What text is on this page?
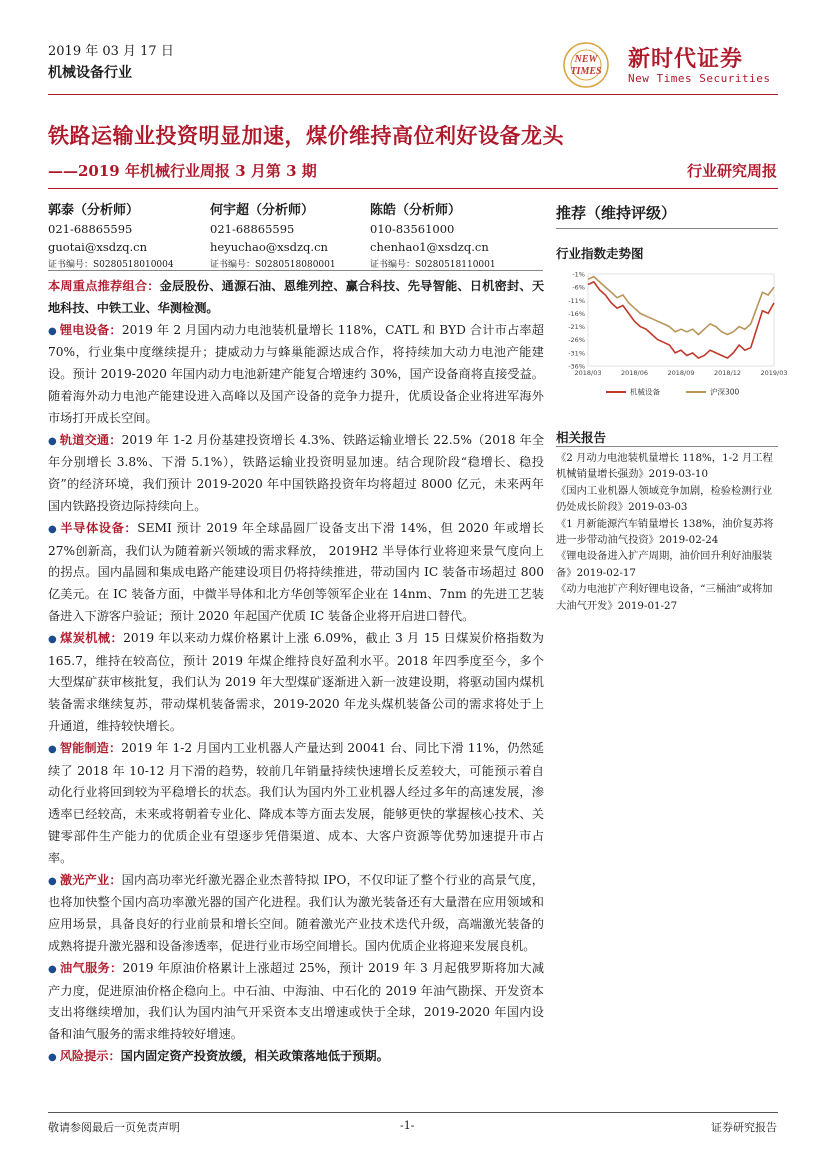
2019 年 03 月 17 日
机械设备行业
NEW
TIMES 新时代证券
New Times Securities
铁路运输业投资明显加速，煤价维持高位利好设备龙头
——2019 年机械行业周报 3 月第 3 期	行业研究周报
郭泰（分析师）
021-68865595
guotai@xsdzq.cn
证书编号：S0280518010004
何宇超（分析师）
021-68865595
heyuchao@xsdzq.cn
证书编号：S0280518080001
陈皓（分析师）
010-83561000
chenhao1@xsdzq.cn
证书编号：S0280518110001

本周重点推荐组合：金辰股份、通源石油、恩维列控、赢合科技、先导智能、日机密封、天地科技、中铁工业、华测检测。

● 锂电设备：2019 年 2 月国内动力电池装机量增长 118%，CATL 和 BYD 合计市占率超 70%，行业集中度继续提升；捷威动力与蜂巢能源达成合作，将持续加大动力电池产能建设。预计 2019-2020 年国内动力电池新建产能复合增速约 30%，国产设备商将直接受益。随着海外动力电池产能建设进入高峰以及国产设备的竞争力提升，优质设备企业将进军海外市场打开成长空间。

● 轨道交通：2019 年 1-2 月份基建投资增长 4.3%、铁路运输业增长 22.5%（2018 年全年分别增长 3.8%、下滑 5.1%），铁路运输业投资明显加速。结合现阶段“稳增长、稳投资”的经济环境，我们预计 2019-2020 年中国铁路投资年均将超过 8000 亿元，未来两年国内铁路投资边际持续向上。

● 半导体设备：SEMI 预计 2019 年全球晶圆厂设备支出下滑 14%，但 2020 年或增长 27%创新高，我们认为随着新兴领域的需求释放， 2019H2 半导体行业将迎来景气度向上的拐点。国内晶圆和集成电路产能建设项目仍将持续推进，带动国内 IC 装备市场超过 800 亿美元。在 IC 装备方面，中微半导体和北方华创等领军企业在 14nm、7nm 的先进工艺装备进入下游客户验证；预计 2020 年起国产优质 IC 装备企业将开启进口替代。

● 煤炭机械：2019 年以来动力煤价格累计上涨 6.09%，截止 3 月 15 日煤炭价格指数为 165.7，维持在较高位，预计 2019 年煤企维持良好盈利水平。2018 年四季度至今，多个大型煤矿获审核批复，我们认为 2019 年大型煤矿逐渐进入新一波建设期，将驱动国内煤机装备需求继续复苏，带动煤机装备需求，2019-2020 年龙头煤机装备公司的需求将处于上升通道，维持较快增长。

● 智能制造：2019 年 1-2 月国内工业机器人产量达到 20041 台、同比下滑 11%，仍然延续了 2018 年 10-12 月下滑的趋势，较前几年销量持续快速增长反差较大，可能预示着自动化行业将回到较为平稳增长的状态。我们认为国内外工业机器人经过多年的高速发展，渗透率已经较高，未来或将朝着专业化、降成本等方面去发展，能够更快的掌握核心技术、关键零部件生产能力的优质企业有望逐步凭借渠道、成本、大客户资源等优势加速提升市占率。

● 激光产业：国内高功率光纤激光器企业杰普特拟 IPO，不仅印证了整个行业的高景气度，也将加快整个国内高功率激光器的国产化进程。我们认为激光装备还有大量潜在应用领域和应用场景，具备良好的行业前景和增长空间。随着激光产业技术迭代升级，高端激光装备的成熟将提升激光器和设备渗透率，促进行业市场空间增长。国内优质企业将迎来发展良机。

● 油气服务：2019 年原油价格累计上涨超过 25%，预计 2019 年 3 月起俄罗斯将加大减产力度，促进原油价格企稳向上。中石油、中海油、中石化的 2019 年油气勘探、开发资本支出将继续增加，我们认为国内油气开采资本支出增速或快于全球，2019-2020 年国内设备和油气服务的需求维持较好增速。

● 风险提示：国内固定资产投资放缓，相关政策落地低于预期。

推荐（维持评级）
行业指数走势图
-1%
-6%
-11%
-16%
-21%
-26%
-31%
-36%
2018/03	2018/06	2018/09	2018/12	2019/03
机械设备	沪深300
相关报告
《2 月动力电池装机量增长 118%，1-2 月工程机械销量增长强劲》2019-03-10
《国内工业机器人领域竞争加剧，检验检测行业仍处成长阶段》2019-03-03
《1 月新能源汽车销量增长 138%，油价复苏将进一步带动油气投资》2019-02-24
《锂电设备进入扩产周期，油价回升利好油服装备》2019-02-17
《动力电池扩产利好锂电设备，“三桶油”或将加大油气开发》2019-01-27
敬请参阅最后一页免责声明	-1-	证券研究报告
